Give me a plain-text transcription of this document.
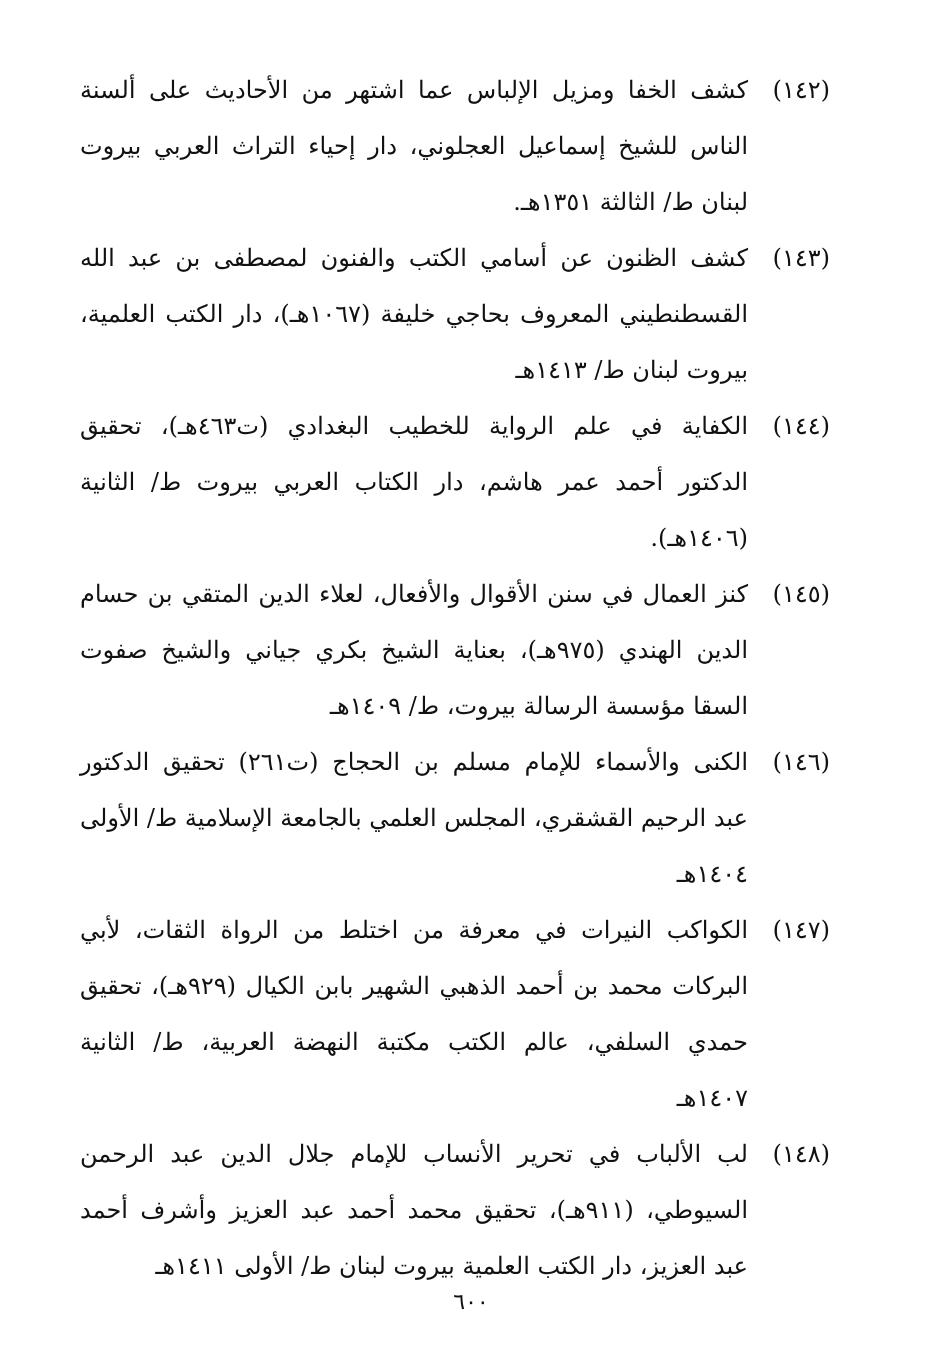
(١٤٢)
كشف الخفا ومزيل الإلباس عما اشتهر من الأحاديث على ألسنة
الناس للشيخ إسماعيل العجلوني، دار إحياء التراث العربي بيروت
لبنان ط/ الثالثة ١٣٥١هـ.
(١٤٣)
كشف الظنون عن أسامي الكتب والفنون لمصطفى بن عبد الله
القسطنطيني المعروف بحاجي خليفة (١٠٦٧هـ)، دار الكتب العلمية،
بيروت لبنان ط/ ١٤١٣هـ
(١٤٤)
الكفاية في علم الرواية للخطيب البغدادي (ت٤٦٣هـ)، تحقيق
الدكتور أحمد عمر هاشم، دار الكتاب العربي بيروت ط/ الثانية
(١٤٠٦هـ).
(١٤٥)
كنز العمال في سنن الأقوال والأفعال، لعلاء الدين المتقي بن حسام
الدين الهندي (٩٧٥هـ)، بعناية الشيخ بكري جياني والشيخ صفوت
السقا مؤسسة الرسالة بيروت، ط/ ١٤٠٩هـ
(١٤٦)
الكنى والأسماء للإمام مسلم بن الحجاج (ت٢٦١) تحقيق الدكتور
عبد الرحيم القشقري، المجلس العلمي بالجامعة الإسلامية ط/ الأولى
١٤٠٤هـ
(١٤٧)
الكواكب النيرات في معرفة من اختلط من الرواة الثقات، لأبي
البركات محمد بن أحمد الذهبي الشهير بابن الكيال (٩٢٩هـ)، تحقيق
حمدي السلفي، عالم الكتب مكتبة النهضة العربية، ط/ الثانية
١٤٠٧هـ
(١٤٨)
لب الألباب في تحرير الأنساب للإمام جلال الدين عبد الرحمن
السيوطي، (٩١١هـ)، تحقيق محمد أحمد عبد العزيز وأشرف أحمد
عبد العزيز، دار الكتب العلمية بيروت لبنان ط/ الأولى ١٤١١هـ
٦٠٠
